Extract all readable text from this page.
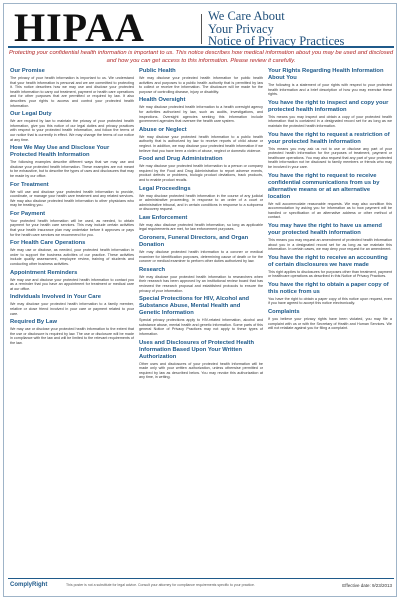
HIPAA	We Care About
Your Privacy
Notice of Privacy Practices
Protecting your confidential health information is important to us. This notice describes how medical information about you may be used and disclosed and how you can get access to this information. Please review it carefully.
Our Promise

The privacy of your health information is important to us. We understand that your health information is personal and we are committed to protecting it. This notice describes how we may use and disclose your protected health information to carry out treatment, payment or health care operations and for other purposes that are permitted or required by law. It also describes your rights to access and control your protected health information.

Our Legal Duty

We are required by law to maintain the privacy of your protected health information, give you this notice of our legal duties and privacy practices with respect to your protected health information, and follow the terms of our notice that is currently in effect. We may change the terms of our notice at any time.

How We May Use and Disclose Your Protected Health Information

The following examples describe different ways that we may use and disclose your protected health information. These examples are not meant to be exhaustive, but to describe the types of uses and disclosures that may be made by our office.

For Treatment

We will use and disclose your protected health information to provide, coordinate, or manage your health care treatment and any related services. We may also disclose protected health information to other physicians who may be treating you.

For Payment

Your protected health information will be used, as needed, to obtain payment for your health care services. This may include certain activities that your health insurance plan may undertake before it approves or pays for the health care services we recommend for you.

For Health Care Operations

We may use or disclose, as needed, your protected health information in order to support the business activities of our practice. These activities include quality assessment, employee review, training of students and conducting other business activities.

Appointment Reminders

We may use and disclose your protected health information to contact you as a reminder that you have an appointment for treatment or medical care at our office.

Individuals Involved in Your Care

We may disclose your protected health information to a family member, relative or close friend involved in your care or payment related to your care.

Required By Law

We may use or disclose your protected health information to the extent that the use or disclosure is required by law. The use or disclosure will be made in compliance with the law and will be limited to the relevant requirements of the law.

Public Health

We may disclose your protected health information for public health activities and purposes to a public health authority that is permitted by law to collect or receive the information. The disclosure will be made for the purpose of controlling disease, injury or disability.

Health Oversight

We may disclose protected health information to a health oversight agency for activities authorized by law, such as audits, investigations, and inspections. Oversight agencies seeking this information include government agencies that oversee the health care system.

Abuse or Neglect

We may disclose your protected health information to a public health authority that is authorized by law to receive reports of child abuse or neglect. In addition, we may disclose your protected health information if we believe that you have been a victim of abuse, neglect or domestic violence.

Food and Drug Administration

We may disclose your protected health information to a person or company required by the Food and Drug Administration to report adverse events, product defects or problems, biologic product deviations, track products, and to enable product recalls.

Legal Proceedings

We may disclose protected health information in the course of any judicial or administrative proceeding, in response to an order of a court or administrative tribunal, and in certain conditions in response to a subpoena or discovery request.

Law Enforcement

We may also disclose protected health information, so long as applicable legal requirements are met, for law enforcement purposes.

Coroners, Funeral Directors, and Organ Donation

We may disclose protected health information to a coroner or medical examiner for identification purposes, determining cause of death or for the coroner or medical examiner to perform other duties authorized by law.

Research

We may disclose your protected health information to researchers when their research has been approved by an institutional review board that has reviewed the research proposal and established protocols to ensure the privacy of your information.

Special Protections for HIV, Alcohol and Substance Abuse, Mental Health and Genetic Information

Special privacy protections apply to HIV-related information, alcohol and substance abuse, mental health and genetic information. Some parts of this general Notice of Privacy Practices may not apply to these types of information.

Uses and Disclosures of Protected Health Information Based Upon Your Written Authorization

Other uses and disclosures of your protected health information will be made only with your written authorization, unless otherwise permitted or required by law as described below. You may revoke this authorization at any time, in writing.

Your Rights Regarding Health Information About You

The following is a statement of your rights with respect to your protected health information and a brief description of how you may exercise these rights.

You have the right to inspect and copy your protected health information

This means you may inspect and obtain a copy of your protected health information that is contained in a designated record set for as long as we maintain the protected health information.

You have the right to request a restriction of your protected health information

This means you may ask us not to use or disclose any part of your protected health information for the purposes of treatment, payment or healthcare operations. You may also request that any part of your protected health information not be disclosed to family members or friends who may be involved in your care.

You have the right to request to receive confidential communications from us by alternative means or at an alternative location

We will accommodate reasonable requests. We may also condition this accommodation by asking you for information as to how payment will be handled or specification of an alternative address or other method of contact.

You may have the right to have us amend your protected health information

This means you may request an amendment of protected health information about you in a designated record set for as long as we maintain this information. In certain cases, we may deny your request for an amendment.

You have the right to receive an accounting of certain disclosures we have made

This right applies to disclosures for purposes other than treatment, payment or healthcare operations as described in this Notice of Privacy Practices.

You have the right to obtain a paper copy of this notice from us

You have the right to obtain a paper copy of this notice upon request, even if you have agreed to accept this notice electronically.

Complaints

If you believe your privacy rights have been violated, you may file a complaint with us or with the Secretary of Health and Human Services. We will not retaliate against you for filing a complaint.

ComplyRight	This poster is not a substitute for legal advice. Consult your attorney for compliance requirements specific to your practice.	Effective date: 9/23/2013
